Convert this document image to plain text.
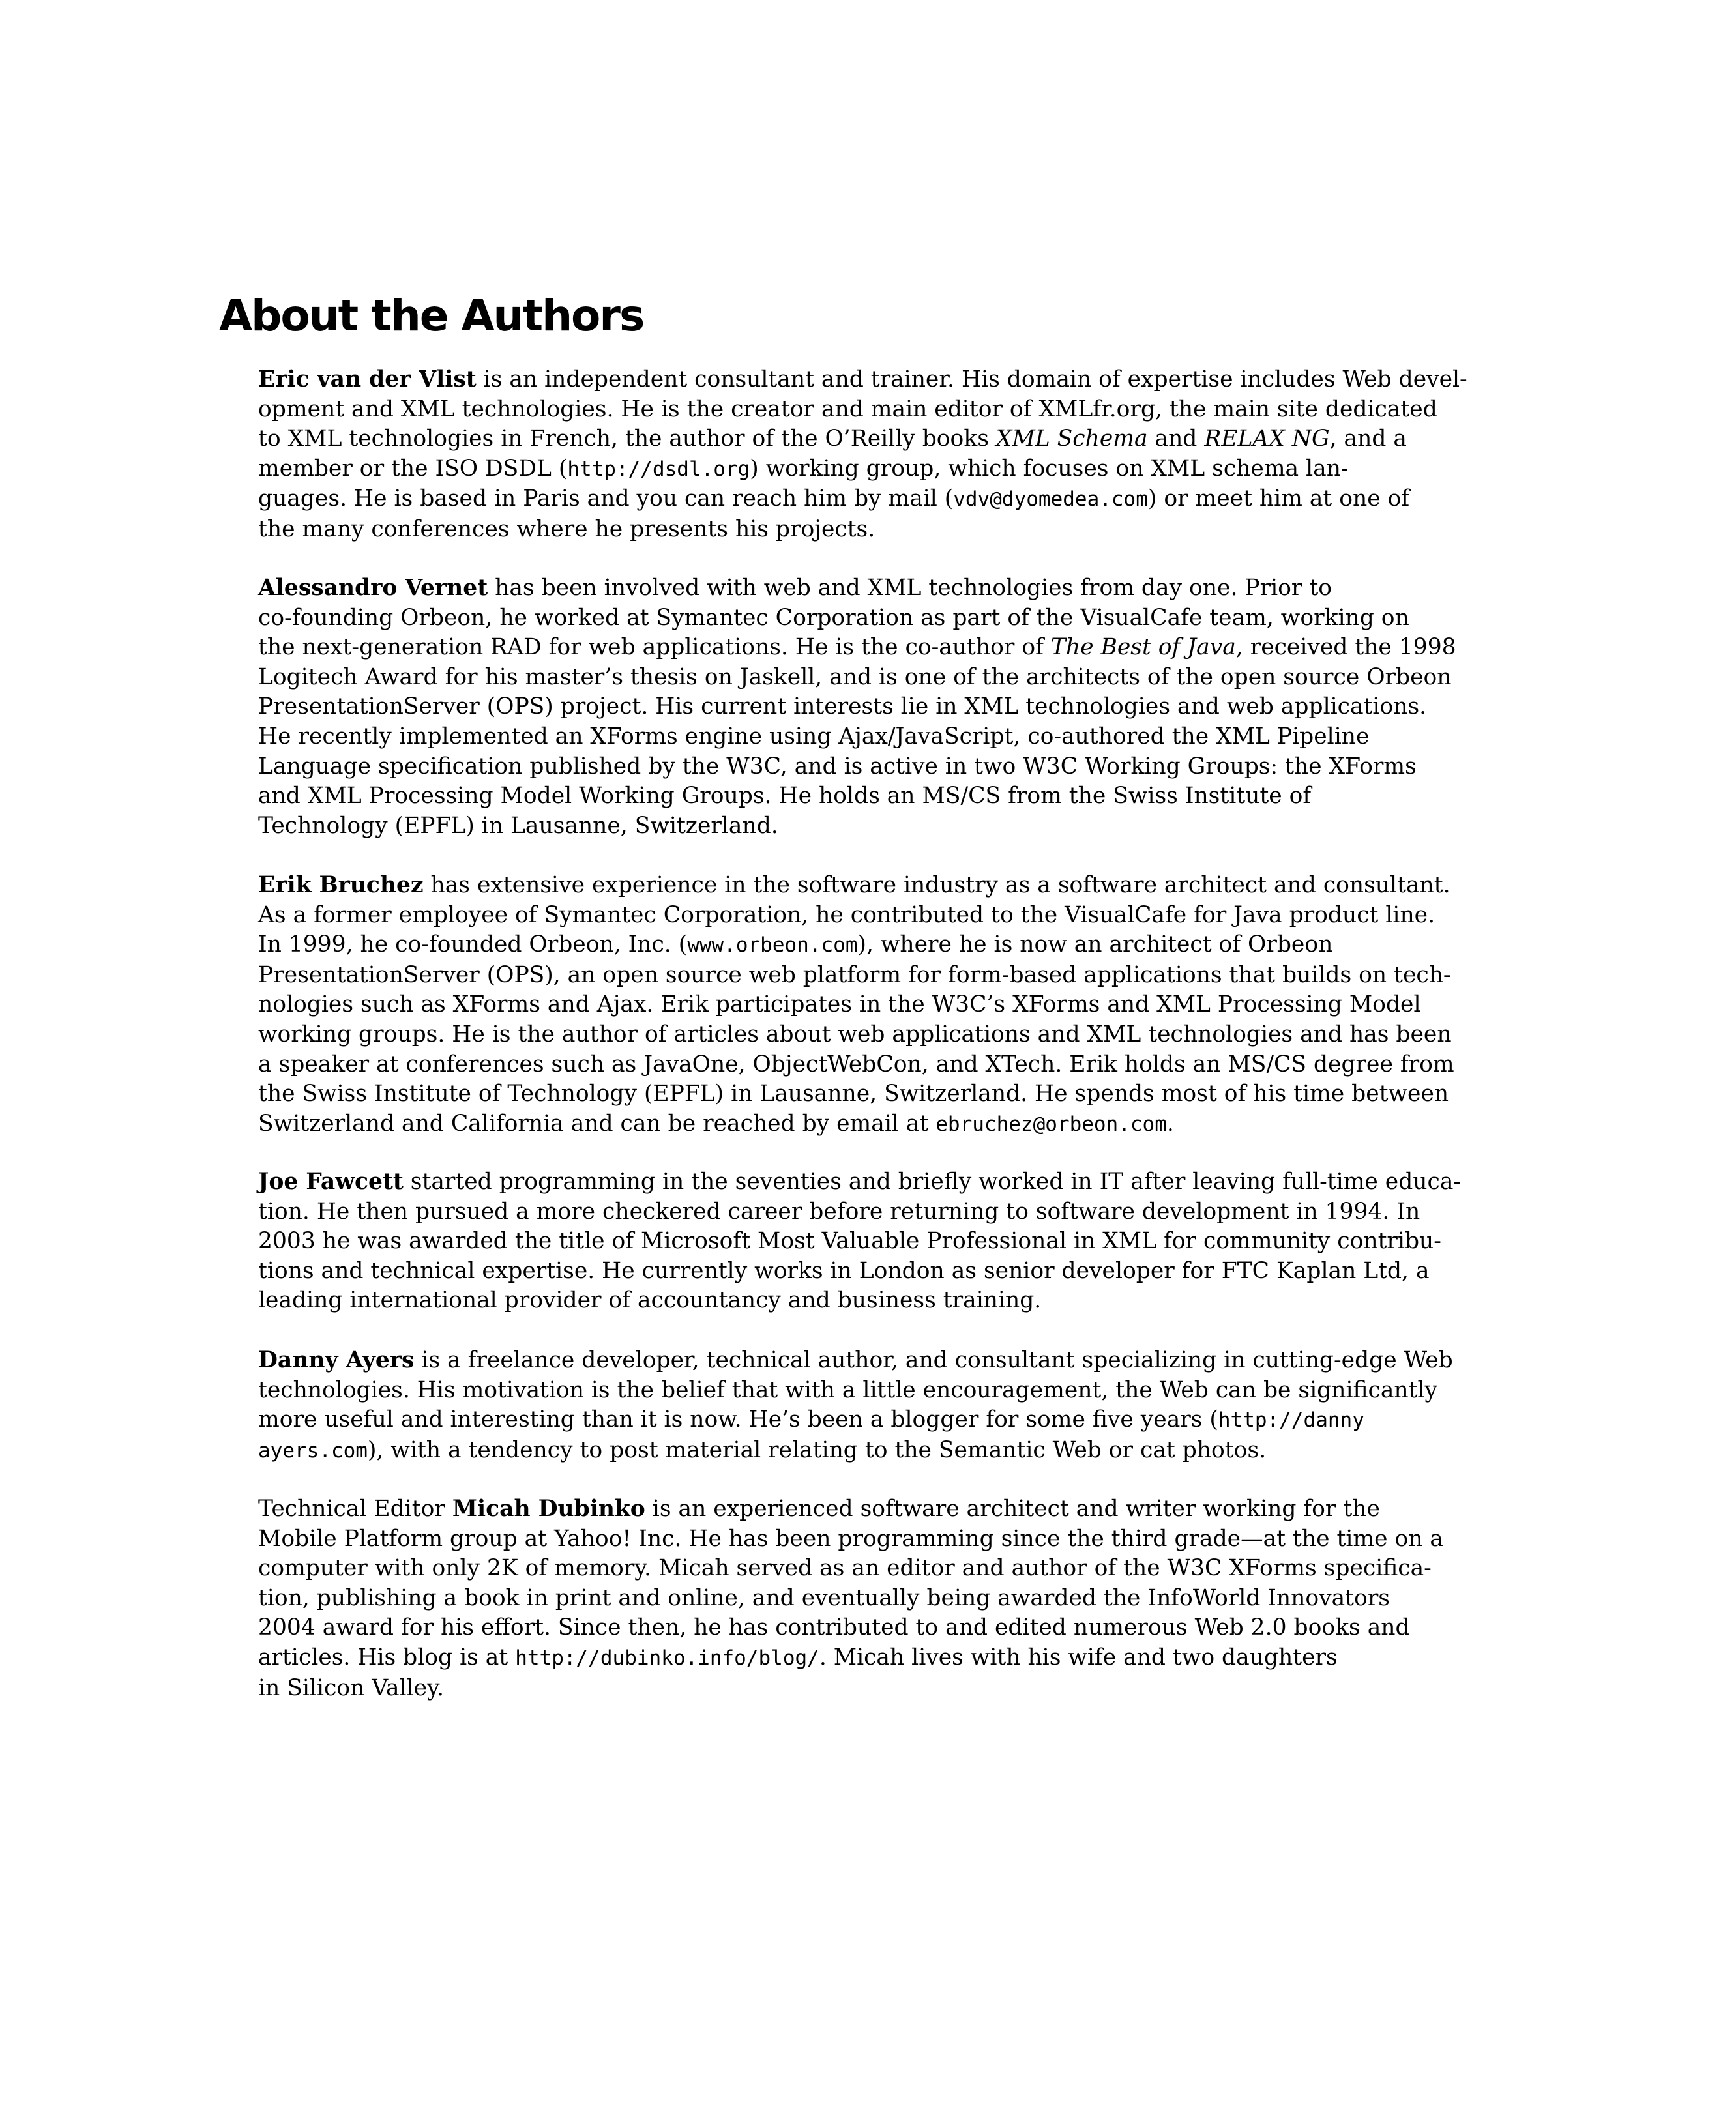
About the Authors
Eric van der Vlist is an independent consultant and trainer. His domain of expertise includes Web devel-
opment and XML technologies. He is the creator and main editor of XMLfr.org, the main site dedicated
to XML technologies in French, the author of the O’Reilly books XML Schema and RELAX NG, and a
member or the ISO DSDL (http://dsdl.org) working group, which focuses on XML schema lan-
guages. He is based in Paris and you can reach him by mail (vdv@dyomedea.com) or meet him at one of
the many conferences where he presents his projects.
Alessandro Vernet has been involved with web and XML technologies from day one. Prior to
co-founding Orbeon, he worked at Symantec Corporation as part of the VisualCafe team, working on
the next-generation RAD for web applications. He is the co-author of The Best of Java, received the 1998
Logitech Award for his master’s thesis on Jaskell, and is one of the architects of the open source Orbeon
PresentationServer (OPS) project. His current interests lie in XML technologies and web applications.
He recently implemented an XForms engine using Ajax/JavaScript, co-authored the XML Pipeline
Language specification published by the W3C, and is active in two W3C Working Groups: the XForms
and XML Processing Model Working Groups. He holds an MS/CS from the Swiss Institute of
Technology (EPFL) in Lausanne, Switzerland.
Erik Bruchez has extensive experience in the software industry as a software architect and consultant.
As a former employee of Symantec Corporation, he contributed to the VisualCafe for Java product line.
In 1999, he co-founded Orbeon, Inc. (www.orbeon.com), where he is now an architect of Orbeon
PresentationServer (OPS), an open source web platform for form-based applications that builds on tech-
nologies such as XForms and Ajax. Erik participates in the W3C’s XForms and XML Processing Model
working groups. He is the author of articles about web applications and XML technologies and has been
a speaker at conferences such as JavaOne, ObjectWebCon, and XTech. Erik holds an MS/CS degree from
the Swiss Institute of Technology (EPFL) in Lausanne, Switzerland. He spends most of his time between
Switzerland and California and can be reached by email at ebruchez@orbeon.com.
Joe Fawcett started programming in the seventies and briefly worked in IT after leaving full-time educa-
tion. He then pursued a more checkered career before returning to software development in 1994. In
2003 he was awarded the title of Microsoft Most Valuable Professional in XML for community contribu-
tions and technical expertise. He currently works in London as senior developer for FTC Kaplan Ltd, a
leading international provider of accountancy and business training.
Danny Ayers is a freelance developer, technical author, and consultant specializing in cutting-edge Web
technologies. His motivation is the belief that with a little encouragement, the Web can be significantly
more useful and interesting than it is now. He’s been a blogger for some five years (http://danny
ayers.com), with a tendency to post material relating to the Semantic Web or cat photos.
Technical Editor Micah Dubinko is an experienced software architect and writer working for the
Mobile Platform group at Yahoo! Inc. He has been programming since the third grade—at the time on a
computer with only 2K of memory. Micah served as an editor and author of the W3C XForms specifica-
tion, publishing a book in print and online, and eventually being awarded the InfoWorld Innovators
2004 award for his effort. Since then, he has contributed to and edited numerous Web 2.0 books and
articles. His blog is at http://dubinko.info/blog/. Micah lives with his wife and two daughters
in Silicon Valley.
